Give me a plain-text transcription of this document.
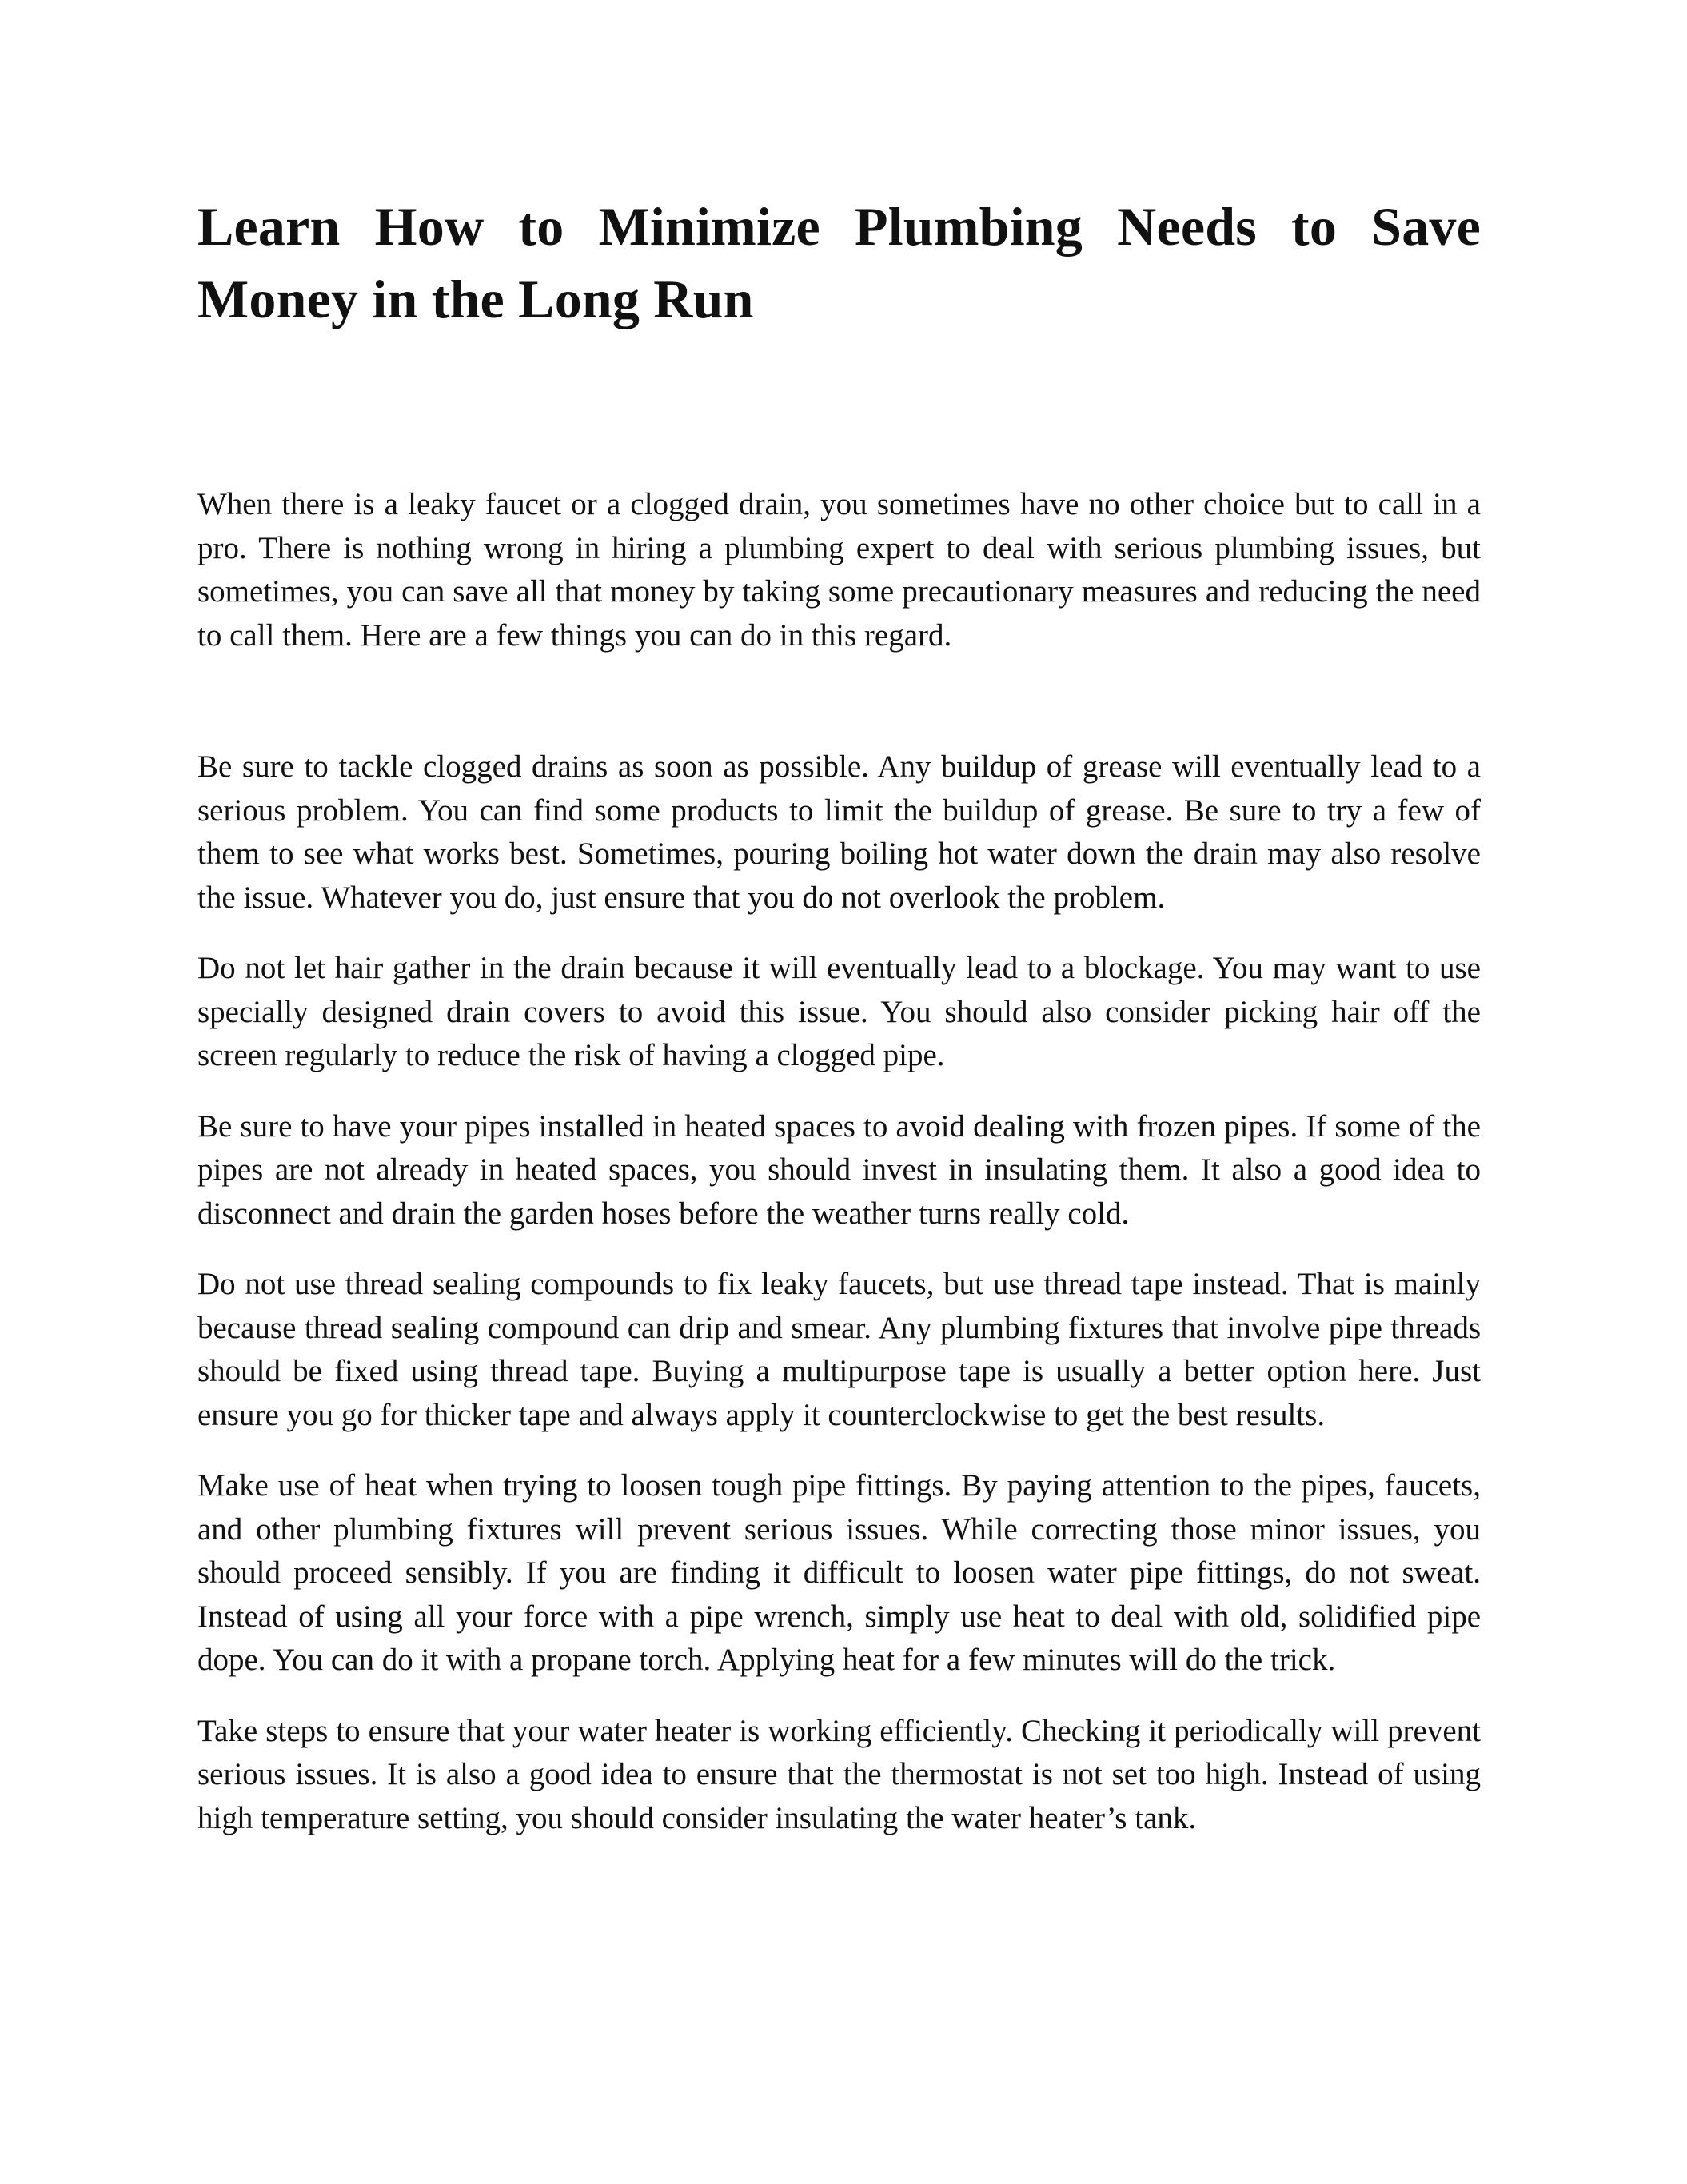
Learn How to Minimize Plumbing Needs to Save Money in the Long Run

When there is a leaky faucet or a clogged drain, you sometimes have no other choice but to call in a pro. There is nothing wrong in hiring a plumbing expert to deal with serious plumbing issues, but sometimes, you can save all that money by taking some precautionary measures and reducing the need to call them. Here are a few things you can do in this regard.

Be sure to tackle clogged drains as soon as possible. Any buildup of grease will eventually lead to a serious problem. You can find some products to limit the buildup of grease. Be sure to try a few of them to see what works best. Sometimes, pouring boiling hot water down the drain may also resolve the issue. Whatever you do, just ensure that you do not overlook the problem.

Do not let hair gather in the drain because it will eventually lead to a blockage. You may want to use specially designed drain covers to avoid this issue. You should also consider picking hair off the screen regularly to reduce the risk of having a clogged pipe.

Be sure to have your pipes installed in heated spaces to avoid dealing with frozen pipes. If some of the pipes are not already in heated spaces, you should invest in insulating them. It also a good idea to disconnect and drain the garden hoses before the weather turns really cold.

Do not use thread sealing compounds to fix leaky faucets, but use thread tape instead. That is mainly because thread sealing compound can drip and smear. Any plumbing fixtures that involve pipe threads should be fixed using thread tape. Buying a multipurpose tape is usually a better option here. Just ensure you go for thicker tape and always apply it counterclockwise to get the best results.

Make use of heat when trying to loosen tough pipe fittings. By paying attention to the pipes, faucets, and other plumbing fixtures will prevent serious issues. While correcting those minor issues, you should proceed sensibly. If you are finding it difficult to loosen water pipe fittings, do not sweat. Instead of using all your force with a pipe wrench, simply use heat to deal with old, solidified pipe dope. You can do it with a propane torch. Applying heat for a few minutes will do the trick.

Take steps to ensure that your water heater is working efficiently. Checking it periodically will prevent serious issues. It is also a good idea to ensure that the thermostat is not set too high. Instead of using high temperature setting, you should consider insulating the water heater’s tank.
